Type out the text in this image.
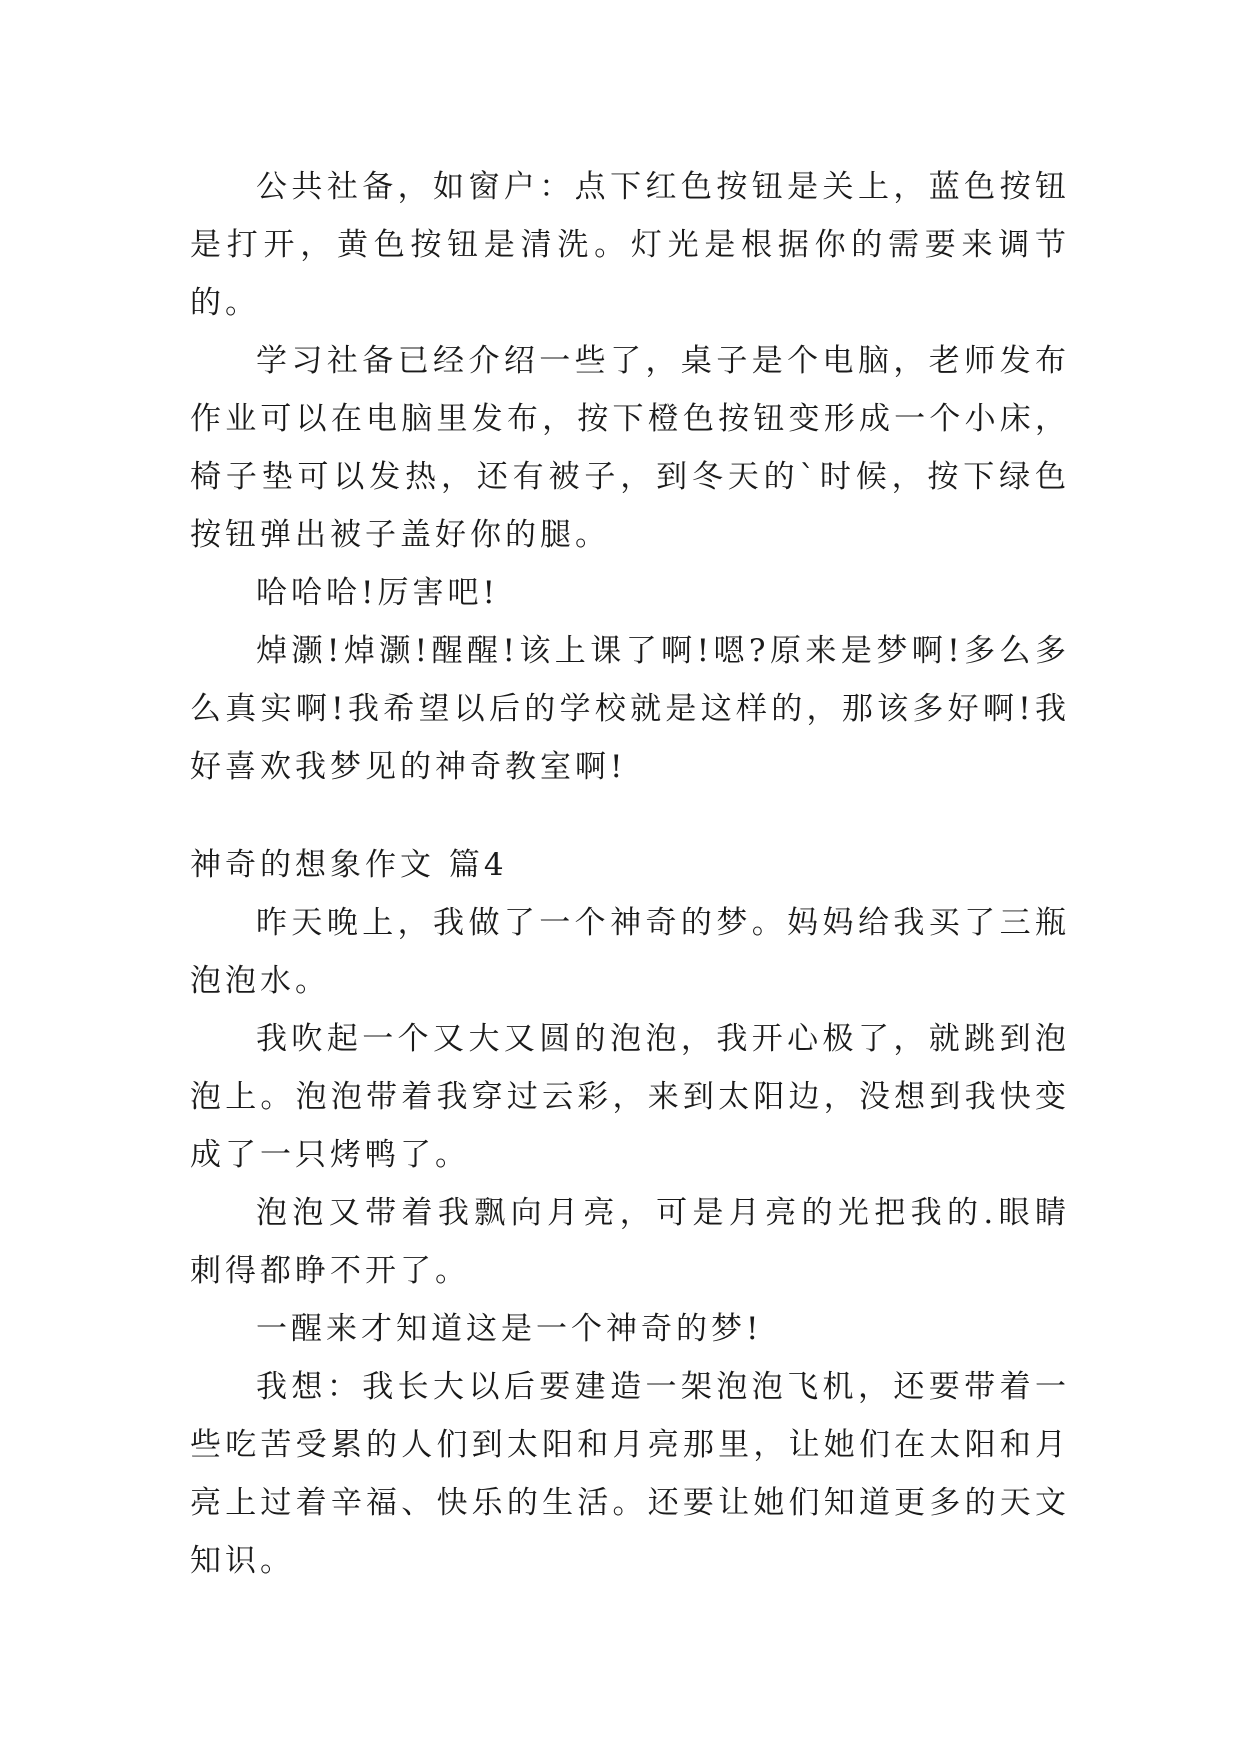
公共社备，如窗户：点下红色按钮是关上，蓝色按钮是打开，黄色按钮是清洗。灯光是根据你的需要来调节的。

学习社备已经介绍一些了，桌子是个电脑，老师发布作业可以在电脑里发布，按下橙色按钮变形成一个小床，椅子垫可以发热，还有被子，到冬天的`时候，按下绿色按钮弹出被子盖好你的腿。

哈哈哈!厉害吧!

焯灏!焯灏!醒醒!该上课了啊!嗯?原来是梦啊!多么多么真实啊!我希望以后的学校就是这样的，那该多好啊!我好喜欢我梦见的神奇教室啊!

神奇的想象作文 篇4

昨天晚上，我做了一个神奇的梦。妈妈给我买了三瓶泡泡水。

我吹起一个又大又圆的泡泡，我开心极了，就跳到泡泡上。泡泡带着我穿过云彩，来到太阳边，没想到我快变成了一只烤鸭了。

泡泡又带着我飘向月亮，可是月亮的光把我的.眼睛刺得都睁不开了。

一醒来才知道这是一个神奇的梦!

我想：我长大以后要建造一架泡泡飞机，还要带着一些吃苦受累的人们到太阳和月亮那里，让她们在太阳和月亮上过着辛福、快乐的生活。还要让她们知道更多的天文知识。
